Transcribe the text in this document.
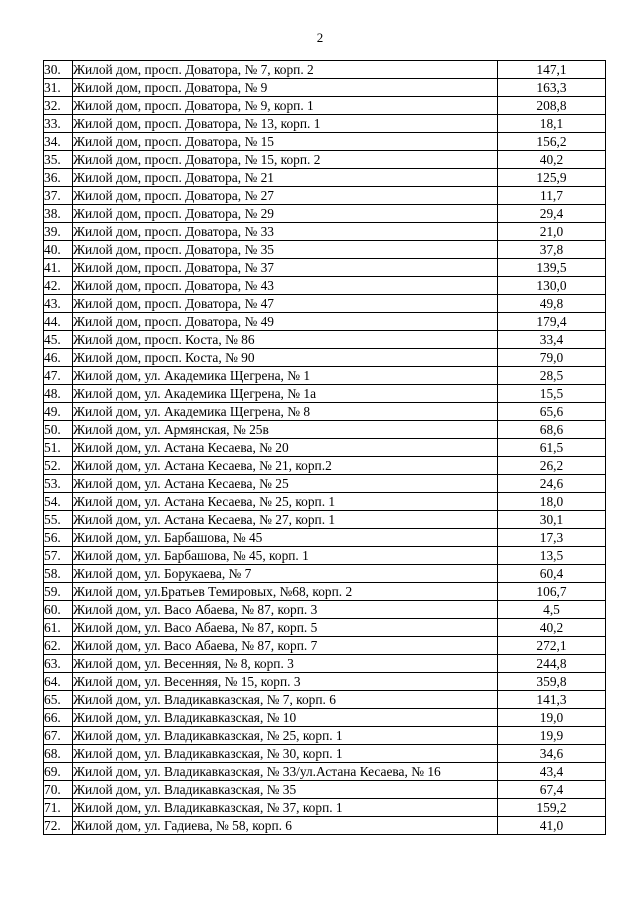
2
30.	Жилой дом, просп. Доватора, № 7, корп. 2	147,1
31.	Жилой дом, просп. Доватора, № 9	163,3
32.	Жилой дом, просп. Доватора, № 9, корп. 1	208,8
33.	Жилой дом, просп. Доватора, № 13, корп. 1	18,1
34.	Жилой дом, просп. Доватора, № 15	156,2
35.	Жилой дом, просп. Доватора, № 15, корп. 2	40,2
36.	Жилой дом, просп. Доватора, № 21	125,9
37.	Жилой дом, просп. Доватора, № 27	11,7
38.	Жилой дом, просп. Доватора, № 29	29,4
39.	Жилой дом, просп. Доватора, № 33	21,0
40.	Жилой дом, просп. Доватора, № 35	37,8
41.	Жилой дом, просп. Доватора, № 37	139,5
42.	Жилой дом, просп. Доватора, № 43	130,0
43.	Жилой дом, просп. Доватора, № 47	49,8
44.	Жилой дом, просп. Доватора, № 49	179,4
45.	Жилой дом, просп. Коста, № 86	33,4
46.	Жилой дом, просп. Коста, № 90	79,0
47.	Жилой дом, ул. Академика Щегрена, № 1	28,5
48.	Жилой дом, ул. Академика Щегрена, № 1а	15,5
49.	Жилой дом, ул. Академика Щегрена, № 8	65,6
50.	Жилой дом, ул. Армянская, № 25в	68,6
51.	Жилой дом, ул. Астана Кесаева, № 20	61,5
52.	Жилой дом, ул. Астана Кесаева, № 21, корп.2	26,2
53.	Жилой дом, ул. Астана Кесаева, № 25	24,6
54.	Жилой дом, ул. Астана Кесаева, № 25, корп. 1	18,0
55.	Жилой дом, ул. Астана Кесаева, № 27, корп. 1	30,1
56.	Жилой дом, ул. Барбашова, № 45	17,3
57.	Жилой дом, ул. Барбашова, № 45, корп. 1	13,5
58.	Жилой дом, ул. Борукаева, № 7	60,4
59.	Жилой дом, ул.Братьев Темировых, №68, корп. 2	106,7
60.	Жилой дом, ул. Васо Абаева, № 87, корп. 3	4,5
61.	Жилой дом, ул. Васо Абаева, № 87, корп. 5	40,2
62.	Жилой дом, ул. Васо Абаева, № 87, корп. 7	272,1
63.	Жилой дом, ул. Весенняя, № 8, корп. 3	244,8
64.	Жилой дом, ул. Весенняя, № 15, корп. 3	359,8
65.	Жилой дом, ул. Владикавказская, № 7, корп. 6	141,3
66.	Жилой дом, ул. Владикавказская, № 10	19,0
67.	Жилой дом, ул. Владикавказская, № 25, корп. 1	19,9
68.	Жилой дом, ул. Владикавказская, № 30, корп. 1	34,6
69.	Жилой дом, ул. Владикавказская, № 33/ул.Астана Кесаева, № 16	43,4
70.	Жилой дом, ул. Владикавказская, № 35	67,4
71.	Жилой дом, ул. Владикавказская, № 37, корп. 1	159,2
72.	Жилой дом, ул. Гадиева, № 58, корп. 6	41,0
